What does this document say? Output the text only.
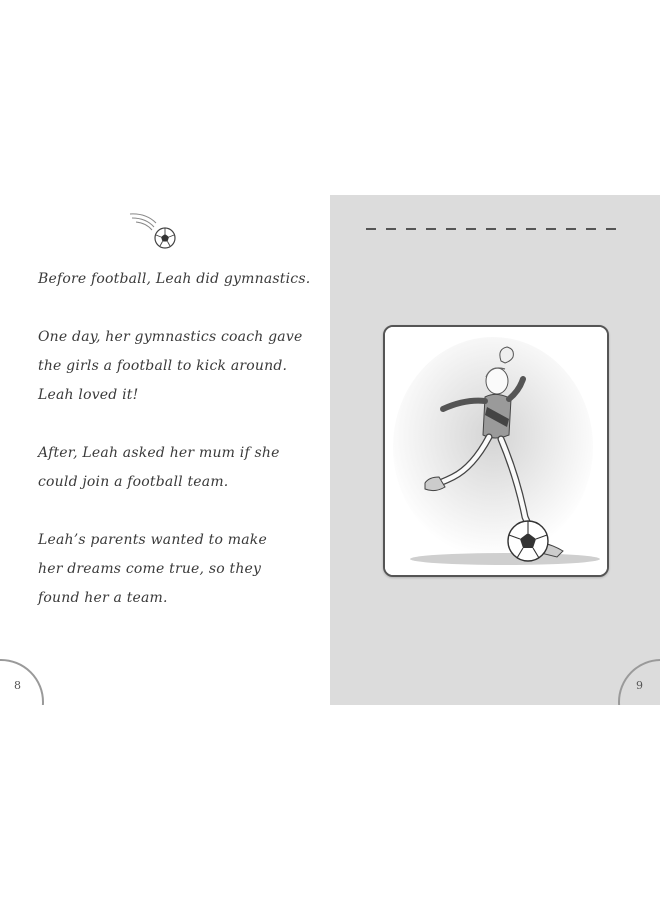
Before football, Leah did gymnastics.
One day, her gymnastics coach gave
the girls a football to kick around.
Leah loved it!
After, Leah asked her mum if she
could join a football team.
Leah’s parents wanted to make
her dreams come true, so they
found her a team.
8	9
